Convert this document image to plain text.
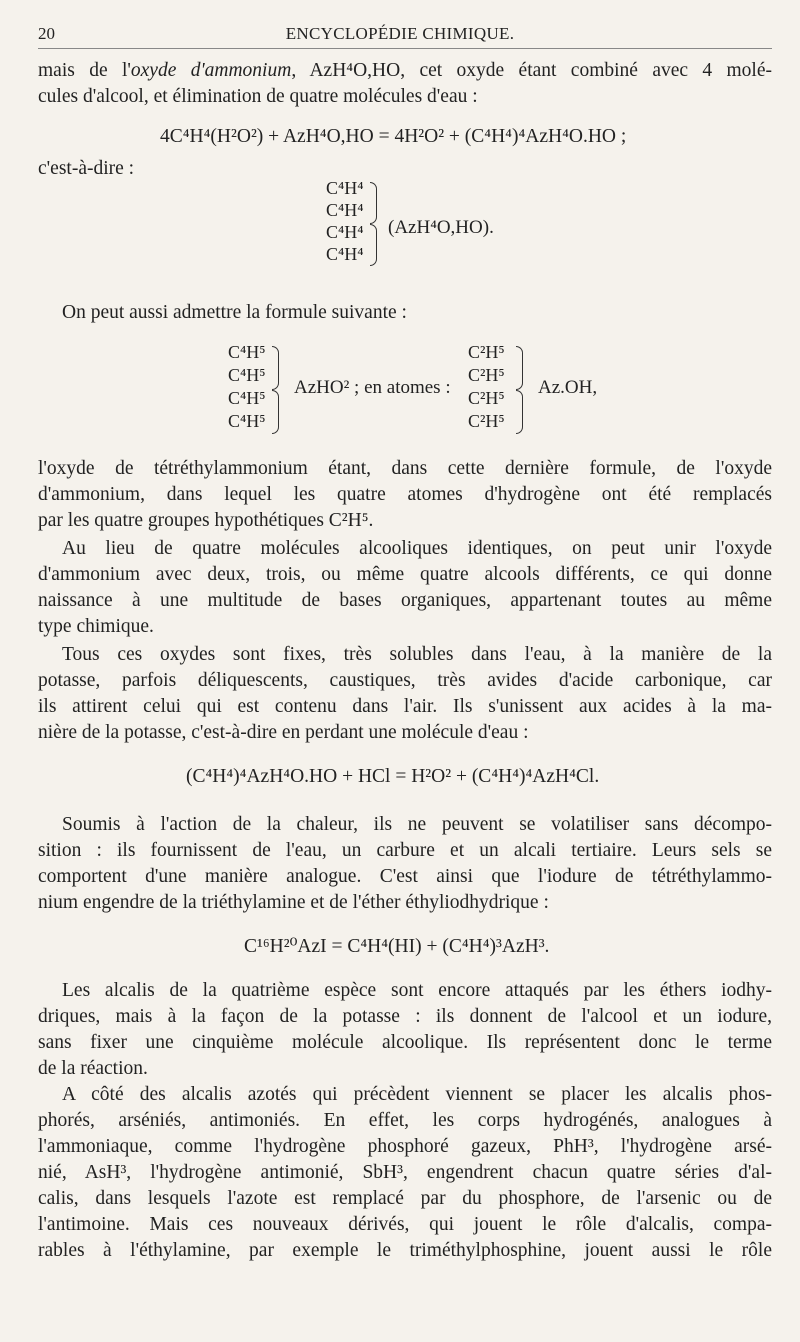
20	ENCYCLOPÉDIE CHIMIQUE.
mais de l'oxyde d'ammonium, AzH⁴O,HO, cet oxyde étant combiné avec 4 molé-
cules d'alcool, et élimination de quatre molécules d'eau :
4C⁴H⁴(H²O²) + AzH⁴O,HO = 4H²O² + (C⁴H⁴)⁴AzH⁴O.HO ;
c'est-à-dire :
C⁴H⁴
C⁴H⁴
C⁴H⁴
C⁴H⁴
(AzH⁴O,HO).
On peut aussi admettre la formule suivante :
C⁴H⁵
C⁴H⁵
C⁴H⁵
C⁴H⁵
AzHO² ; en atomes :
C²H⁵
C²H⁵
C²H⁵
C²H⁵
Az.OH,
l'oxyde de tétréthylammonium étant, dans cette dernière formule, de l'oxyde
d'ammonium, dans lequel les quatre atomes d'hydrogène ont été remplacés
par les quatre groupes hypothétiques C²H⁵.
Au lieu de quatre molécules alcooliques identiques, on peut unir l'oxyde
d'ammonium avec deux, trois, ou même quatre alcools différents, ce qui donne
naissance à une multitude de bases organiques, appartenant toutes au même
type chimique.
Tous ces oxydes sont fixes, très solubles dans l'eau, à la manière de la
potasse, parfois déliquescents, caustiques, très avides d'acide carbonique, car
ils attirent celui qui est contenu dans l'air. Ils s'unissent aux acides à la ma-
nière de la potasse, c'est-à-dire en perdant une molécule d'eau :
(C⁴H⁴)⁴AzH⁴O.HO + HCl = H²O² + (C⁴H⁴)⁴AzH⁴Cl.
Soumis à l'action de la chaleur, ils ne peuvent se volatiliser sans décompo-
sition : ils fournissent de l'eau, un carbure et un alcali tertiaire. Leurs sels se
comportent d'une manière analogue. C'est ainsi que l'iodure de tétréthylammo-
nium engendre de la triéthylamine et de l'éther éthyliodhydrique :
C¹⁶H²⁰AzI = C⁴H⁴(HI) + (C⁴H⁴)³AzH³.
Les alcalis de la quatrième espèce sont encore attaqués par les éthers iodhy-
driques, mais à la façon de la potasse : ils donnent de l'alcool et un iodure,
sans fixer une cinquième molécule alcoolique. Ils représentent donc le terme
de la réaction.
A côté des alcalis azotés qui précèdent viennent se placer les alcalis phos-
phorés, arséniés, antimoniés. En effet, les corps hydrogénés, analogues à
l'ammoniaque, comme l'hydrogène phosphoré gazeux, PhH³, l'hydrogène arsé-
nié, AsH³, l'hydrogène antimonié, SbH³, engendrent chacun quatre séries d'al-
calis, dans lesquels l'azote est remplacé par du phosphore, de l'arsenic ou de
l'antimoine. Mais ces nouveaux dérivés, qui jouent le rôle d'alcalis, compa-
rables à l'éthylamine, par exemple le triméthylphosphine, jouent aussi le rôle
